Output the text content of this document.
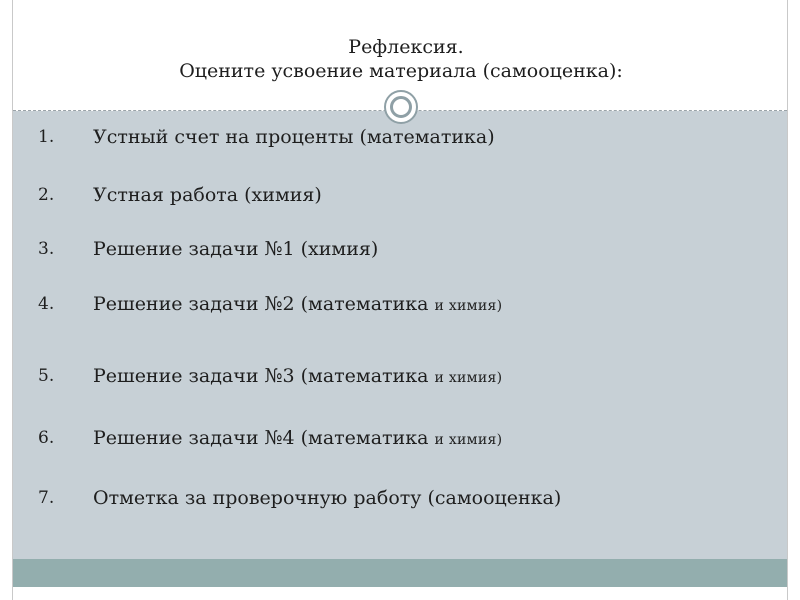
Рефлексия.
Оцените усвоение материала (самооценка):
1.	Устный счет на проценты (математика)
2.	Устная работа (химия)
3.	Решение задачи №1 (химия)
4.	Решение задачи №2 (математика и химия)
5.	Решение задачи №3 (математика и химия)
6.	Решение задачи №4 (математика и химия)
7.	Отметка за проверочную работу (самооценка)
